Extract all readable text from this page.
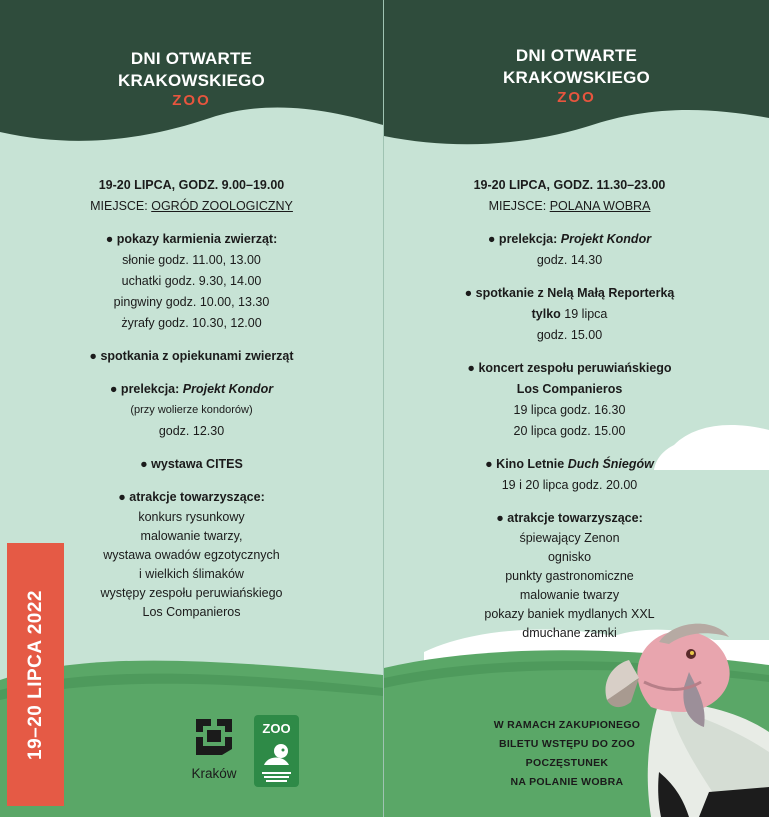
DNI OTWARTE
KRAKOWSKIEGO
ZOO
19-20 LIPCA, GODZ. 9.00–19.00
MIEJSCE: OGRÓD ZOOLOGICZNY
● pokazy karmienia zwierząt:
słonie godz. 11.00, 13.00
uchatki godz. 9.30, 14.00
pingwiny godz. 10.00, 13.30
żyrafy godz. 10.30, 12.00
● spotkania z opiekunami zwierząt
● prelekcja: Projekt Kondor
(przy wolierze kondorów)
godz. 12.30
● wystawa CITES
● atrakcje towarzyszące:
konkurs rysunkowy
malowanie twarzy,
wystawa owadów egzotycznych
i wielkich ślimaków
występy zespołu peruwiańskiego
Los Companieros
Kraków
ZOO
DNI OTWARTE
KRAKOWSKIEGO
ZOO
19-20 LIPCA, GODZ. 11.30–23.00
MIEJSCE: POLANA WOBRA
● prelekcja: Projekt Kondor
godz. 14.30
● spotkanie z Nelą Małą Reporterką
tylko 19 lipca
godz. 15.00
● koncert zespołu peruwiańskiego
Los Companieros
19 lipca godz. 16.30
20 lipca godz. 15.00
● Kino Letnie Duch Śniegów
19 i 20 lipca godz. 20.00
● atrakcje towarzyszące:
śpiewający Zenon
ognisko
punkty gastronomiczne
malowanie twarzy
pokazy baniek mydlanych XXL
dmuchane zamki
W RAMACH ZAKUPIONEGO
BILETU WSTĘPU DO ZOO
POCZĘSTUNEK
NA POLANIE WOBRA
19–20 LIPCA 2022
